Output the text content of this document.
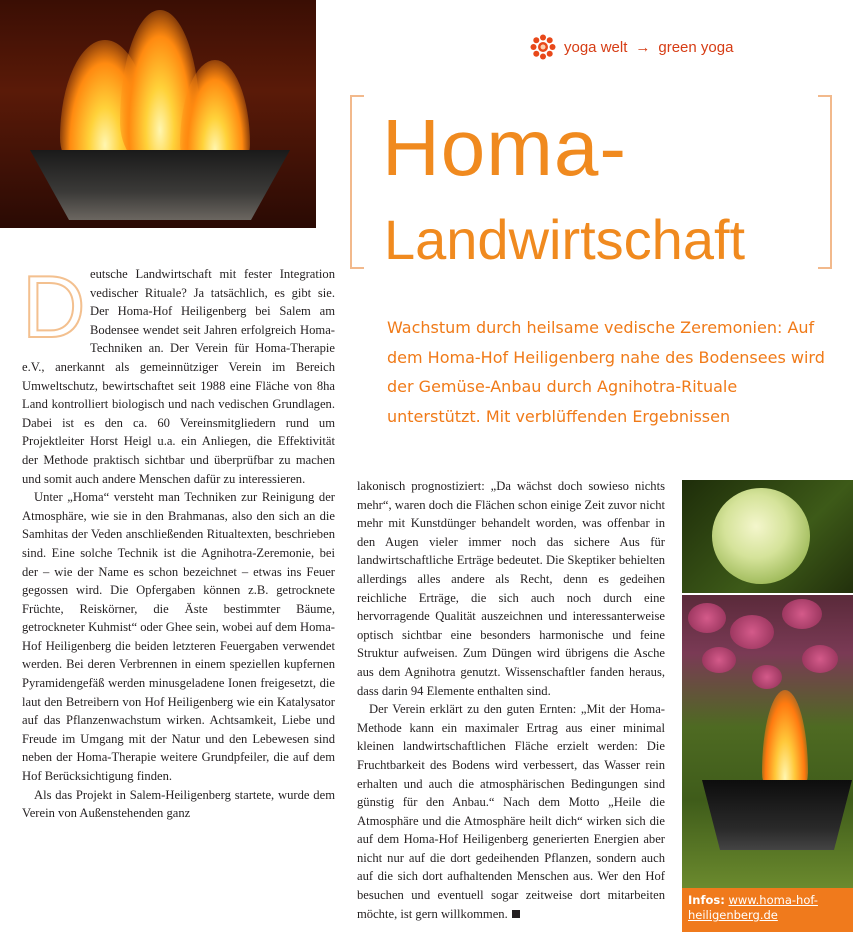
yoga welt → green yoga
Homa-
Landwirtschaft
Wachstum durch heilsame vedische Zeremonien: Auf dem Homa-Hof Heiligenberg nahe des Bodensees wird der Gemüse-Anbau durch Agnihotra-Rituale unterstützt. Mit verblüffenden Ergebnissen

Deutsche Landwirtschaft mit fester Integration vedischer Rituale? Ja tatsächlich, es gibt sie. Der Homa-Hof Heiligenberg bei Salem am Bodensee wendet seit Jahren erfolgreich Homa-Techniken an. Der Verein für Homa-Therapie e.V., anerkannt als gemeinnütziger Verein im Bereich Umweltschutz, bewirtschaftet seit 1988 eine Fläche von 8ha Land kontrolliert biologisch und nach vedischen Grundlagen. Dabei ist es den ca. 60 Vereinsmitgliedern rund um Projektleiter Horst Heigl u.a. ein Anliegen, die Effektivität der Methode praktisch sichtbar und überprüfbar zu machen und somit auch andere Menschen dafür zu interessieren.

Unter „Homa“ versteht man Techniken zur Reinigung der Atmosphäre, wie sie in den Brahmanas, also den sich an die Samhitas der Veden anschließenden Ritualtexten, beschrieben sind. Eine solche Technik ist die Agnihotra-Zeremonie, bei der – wie der Name es schon bezeichnet – etwas ins Feuer gegossen wird. Die Opfergaben können z.B. getrocknete Früchte, Reiskörner, die Äste bestimmter Bäume, getrockneter Kuhmist“ oder Ghee sein, wobei auf dem Homa-Hof Heiligenberg die beiden letzteren Feuergaben verwendet werden. Bei deren Verbrennen in einem speziellen kupfernen Pyramidengefäß werden minusgeladene Ionen freigesetzt, die laut den Betreibern von Hof Heiligenberg wie ein Katalysator auf das Pflanzenwachstum wirken. Achtsamkeit, Liebe und Freude im Umgang mit der Natur und den Lebewesen sind neben der Homa-Therapie weitere Grundpfeiler, die auf dem Hof Berücksichtigung finden.

Als das Projekt in Salem-Heiligenberg startete, wurde dem Verein von Außenstehenden ganz

lakonisch prognostiziert: „Da wächst doch sowieso nichts mehr“, waren doch die Flächen schon einige Zeit zuvor nicht mehr mit Kunstdünger behandelt worden, was offenbar in den Augen vieler immer noch das sichere Aus für landwirtschaftliche Erträge bedeutet. Die Skeptiker behielten allerdings alles andere als Recht, denn es gedeihen reichliche Erträge, die sich auch noch durch eine hervorragende Qualität auszeichnen und interessanterweise optisch sichtbar eine besonders harmonische und feine Struktur aufweisen. Zum Düngen wird übrigens die Asche aus dem Agnihotra genutzt. Wissenschaftler fanden heraus, dass darin 94 Elemente enthalten sind.

Der Verein erklärt zu den guten Ernten: „Mit der Homa-Methode kann ein maximaler Ertrag aus einer minimal kleinen landwirtschaftlichen Fläche erzielt werden: Die Fruchtbarkeit des Bodens wird verbessert, das Wasser rein erhalten und auch die atmosphärischen Bedingungen sind günstig für den Anbau.“ Nach dem Motto „Heile die Atmosphäre und die Atmosphäre heilt dich“ wirken sich die auf dem Homa-Hof Heiligenberg generierten Energien aber nicht nur auf die dort gedeihenden Pflanzen, sondern auch auf die sich dort aufhaltenden Menschen aus. Wer den Hof besuchen und eventuell sogar zeitweise dort mitarbeiten möchte, ist gern willkommen.

Infos: www.homa-hof-
heiligenberg.de
